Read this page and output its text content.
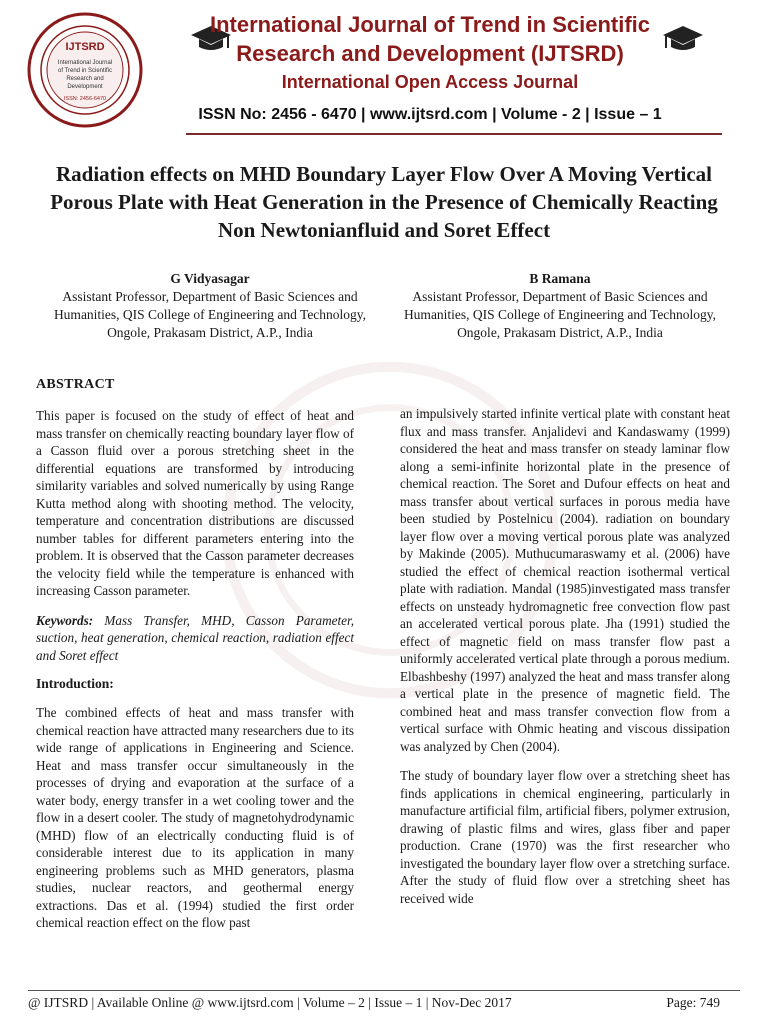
IJTSRD
International Journal
of Trend in Scientific
Research and
Development
ISSN: 2456-6470
International Journal of Trend in Scientific
Research and Development (IJTSRD)
International Open Access Journal
ISSN No: 2456 - 6470 | www.ijtsrd.com | Volume - 2 | Issue – 1
Radiation effects on MHD Boundary Layer Flow Over A Moving Vertical Porous Plate with Heat Generation in the Presence of Chemically Reacting Non Newtonianfluid and Soret Effect
G Vidyasagar
Assistant Professor, Department of Basic Sciences and Humanities, QIS College of Engineering and Technology, Ongole, Prakasam District, A.P., India
B Ramana
Assistant Professor, Department of Basic Sciences and Humanities, QIS College of Engineering and Technology, Ongole, Prakasam District, A.P., India
ABSTRACT

This paper is focused on the study of effect of heat and mass transfer on chemically reacting boundary layer flow of a Casson fluid over a porous stretching sheet in the differential equations are transformed by introducing similarity variables and solved numerically by using Range Kutta method along with shooting method. The velocity, temperature and concentration distributions are discussed number tables for different parameters entering into the problem. It is observed that the Casson parameter decreases the velocity field while the temperature is enhanced with increasing Casson parameter.

Keywords: Mass Transfer, MHD, Casson Parameter, suction, heat generation, chemical reaction, radiation effect and Soret effect

Introduction:

The combined effects of heat and mass transfer with chemical reaction have attracted many researchers due to its wide range of applications in Engineering and Science. Heat and mass transfer occur simultaneously in the processes of drying and evaporation at the surface of a water body, energy transfer in a wet cooling tower and the flow in a desert cooler. The study of magnetohydrodynamic (MHD) flow of an electrically conducting fluid is of considerable interest due to its application in many engineering problems such as MHD generators, plasma studies, nuclear reactors, and geothermal energy extractions. Das et al. (1994) studied the first order chemical reaction effect on the flow past

an impulsively started infinite vertical plate with constant heat flux and mass transfer. Anjalidevi and Kandaswamy (1999) considered the heat and mass transfer on steady laminar flow along a semi-infinite horizontal plate in the presence of chemical reaction. The Soret and Dufour effects on heat and mass transfer about vertical surfaces in porous media have been studied by Postelnicu (2004). radiation on boundary layer flow over a moving vertical porous plate was analyzed by Makinde (2005). Muthucumaraswamy et al. (2006) have studied the effect of chemical reaction isothermal vertical plate with radiation. Mandal (1985)investigated mass transfer effects on unsteady hydromagnetic free convection flow past an accelerated vertical porous plate. Jha (1991) studied the effect of magnetic field on mass transfer flow past a uniformly accelerated vertical plate through a porous medium. Elbashbeshy (1997) analyzed the heat and mass transfer along a vertical plate in the presence of magnetic field. The combined heat and mass transfer convection flow from a vertical surface with Ohmic heating and viscous dissipation was analyzed by Chen (2004).

The study of boundary layer flow over a stretching sheet has finds applications in chemical engineering, particularly in manufacture artificial film, artificial fibers, polymer extrusion, drawing of plastic films and wires, glass fiber and paper production. Crane (1970) was the first researcher who investigated the boundary layer flow over a stretching surface. After the study of fluid flow over a stretching sheet has received wide

@ IJTSRD | Available Online @ www.ijtsrd.com | Volume – 2 | Issue – 1 | Nov-Dec 2017	Page: 749
